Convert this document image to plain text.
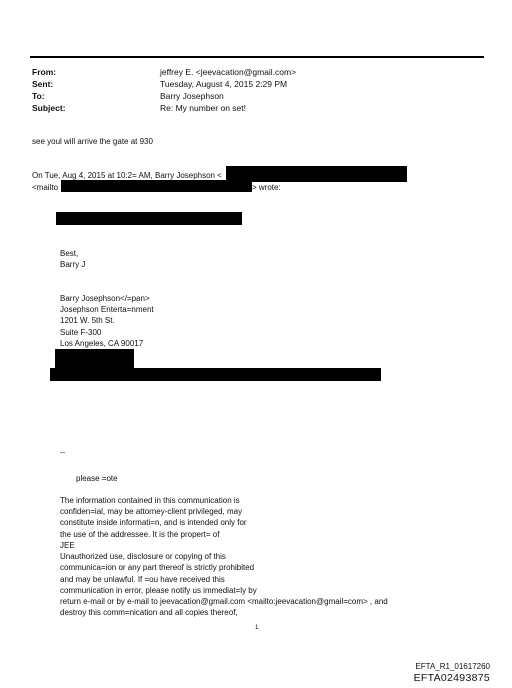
From:
Sent:
To:
Subject:
jeffrey E. <jeevacation@gmail.com>
Tuesday, August 4, 2015 2:29 PM
Barry Josephson
Re: My number on set!
see youl will arrive the gate at 930
On Tue, Aug 4, 2015 at 10:2= AM, Barry Josephson <
<mailto	> wrote:
Best,
Barry J
Barry Josephson</=pan>
Josephson Enterta=nment
1201 W. 5th St.
Suite F-300
Los Angeles, CA 90017
--
please =ote
The information contained in this communication is
confiden=ial, may be attorney-client privileged, may
constitute inside informati=n, and is intended only for
the use of the addressee. It is the propert= of
JEE
Unauthorized use, disclosure or copying of this
communica=ion or any part thereof is strictly prohibited
and may be unlawful. If =ou have received this
communication in error, please notify us immediat=ly by
return e-mail or by e-mail to jeevacation@gmail.com <mailto:jeevacation@gmail=com> , and
destroy this comm=nication and all copies thereof,
1
EFTA_R1_01617260
EFTA02493875
